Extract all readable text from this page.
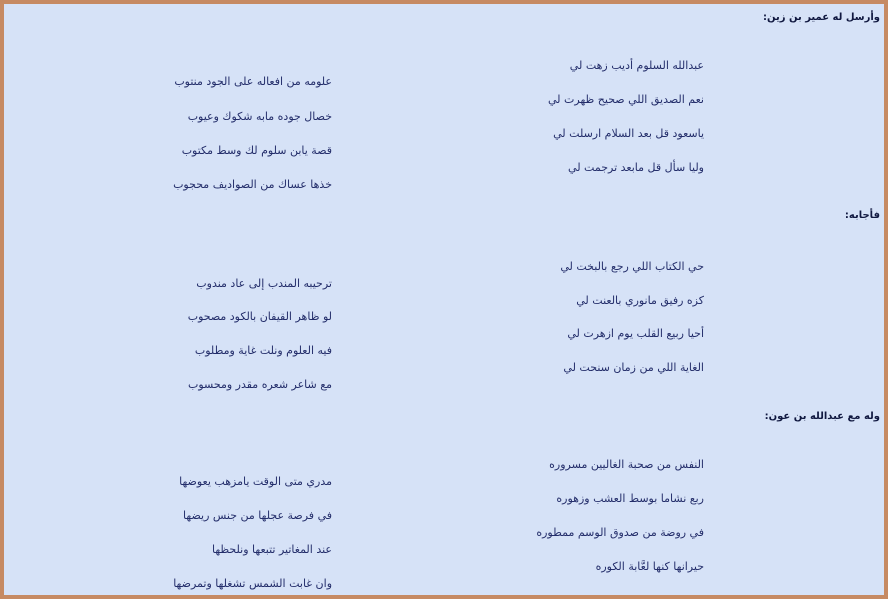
وأرسل له عمير بن زين:
عبدالله السلوم أديب زهت لي
نعم الصديق اللي صحيح ظهرت لي
ياسعود قل بعد السلام ارسلت لي
وليا سأل قل مابعد ترجمت لي
علومه من افعاله على الجود منتوب
خصال جوده مابه شكوك وعيوب
قصة يابن سلوم لك وسط مكتوب
خذها عساك من الصواديف محجوب
فأجابه:
حي الكتاب اللي رجع بالبخت لي
كزه رفيق مانوري بالعنت لي
أحيا ربيع القلب يوم ازهرت لي
الغاية اللي من زمان سنحت لي
ترحيبه المندب إلى عاد مندوب
لو ظاهر القيفان بالكود مصحوب
فيه العلوم ونلت غاية ومطلوب
مع شاعر شعره مقدر ومحسوب
وله مع عبدالله بن عون:
النفس من صحبة الغاليين مسروره
ربع نشاما بوسط العشب وزهوره
في روضة من صدوق الوسم ممطوره
حيرانها كنها لعَّابة الكوره
مدري متى الوقت يامزهب يعوضها
في فرصة عجلها من جنس ريضها
عند المغاتير تتبعها ونلحظها
وان غابت الشمس تشغلها وتمرضها
